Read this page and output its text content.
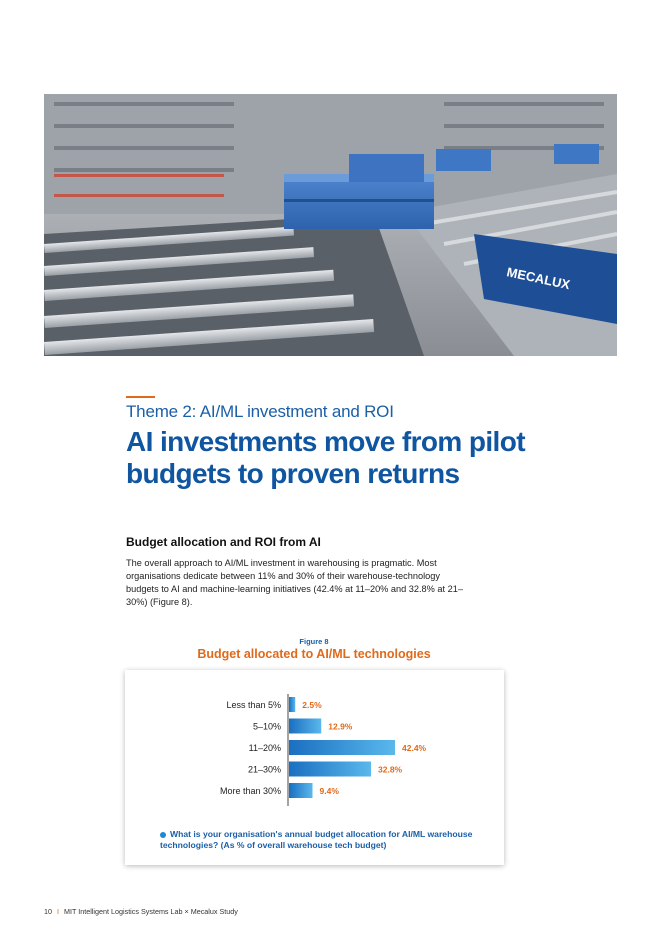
MECALUX
Theme 2: AI/ML investment and ROI
AI investments move from pilot
budgets to proven returns
Budget allocation and ROI from AI
The overall approach to AI/ML investment in warehousing is pragmatic. Most organisations dedicate between 11% and 30% of their warehouse-technology budgets to AI and machine-learning initiatives (42.4% at 11–20% and 32.8% at 21–30%) (Figure 8).
Figure 8
Budget allocated to AI/ML technologies
Less than 5%	2.5%
5–10%	12.9%
11–20%	42.4%
21–30%	32.8%
More than 30%	9.4%
What is your organisation's annual budget allocation for AI/ML warehouse technologies? (As % of overall warehouse tech budget)
10 I MIT Intelligent Logistics Systems Lab × Mecalux Study
